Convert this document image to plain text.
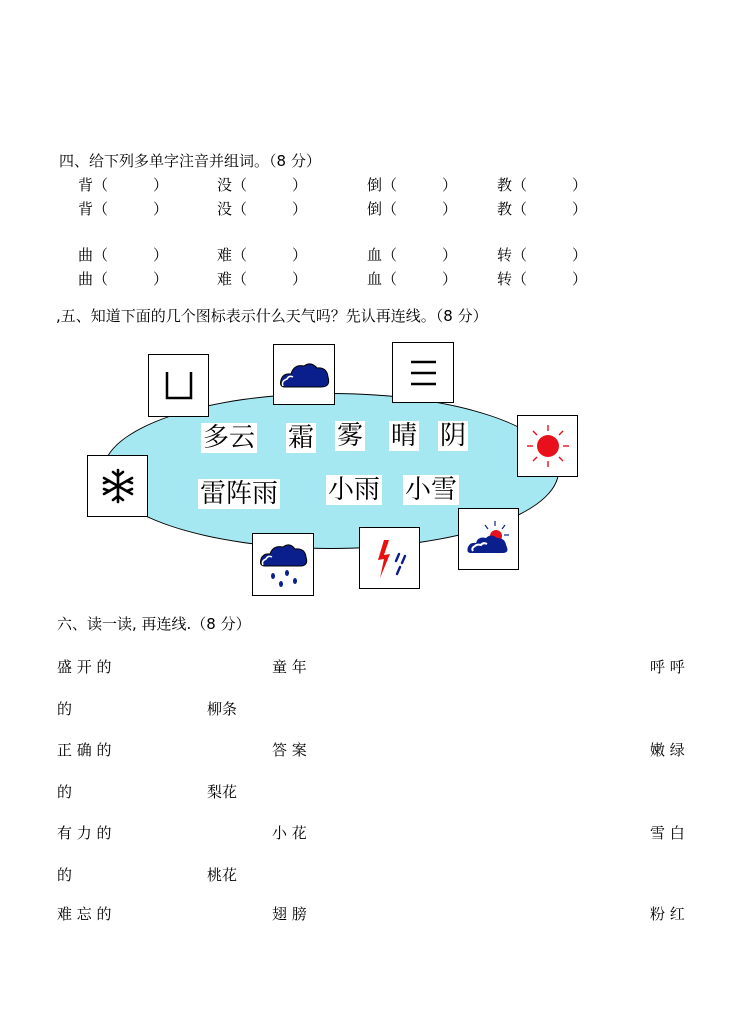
四、给下列多单字注音并组词。（8 分）
背（　　　）	没（　　　）	倒（　　　）	教（　　　）
背（　　　）	没（　　　）	倒（　　　）	教（　　　）
曲（　　　）	难（　　　）	血（　　　）	转（　　　）
曲（　　　）	难（　　　）	血（　　　）	转（　　　）
,五、知道下面的几个图标表示什么天气吗？先认再连线。（8 分）
多云 霜 雾 晴 阴
雷阵雨 小雨 小雪
六、读一读, 再连线.（8 分）
盛 开 的	童 年	呼 呼
的	柳条
正 确 的	答 案	嫩 绿
的	梨花
有 力 的	小 花	雪 白
的	桃花
难 忘 的	翅 膀	粉 红
